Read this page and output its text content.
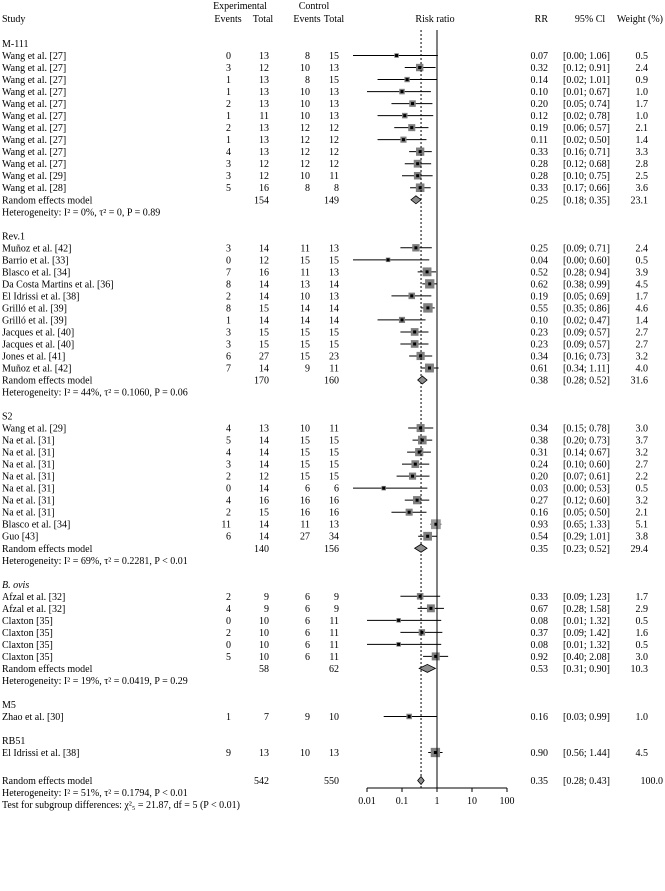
Study
Experimental
Events Total
Control
Events Total	Risk ratio	RR	95% Cl Weight (%)
M-111
Wang et al. [27]	0	13	8 15	0.07 [0.00; 1.06]	0.5
Wang et al. [27]	3	12	10 13	0.32 [0.12; 0.91]	2.4
Wang et al. [27]	1	13	8 15	0.14 [0.02; 1.01]	0.9
Wang et al. [27]	1	13	10 13	0.10 [0.01; 0.67]	1.0
Wang et al. [27]	2	13	10 13	0.20 [0.05; 0.74]	1.7
Wang et al. [27]	1	11	10 13	0.12 [0.02; 0.78]	1.0
Wang et al. [27]	2	13	12 12	0.19 [0.06; 0.57]	2.1
Wang et al. [27]	1	13	12 12	0.11 [0.02; 0.50]	1.4
Wang et al. [27]	4	13	12 12	0.33 [0.16; 0.71]	3.3
Wang et al. [27]	3	12	12 12	0.28 [0.12; 0.68]	2.8
Wang et al. [29]	3	12	10 11	0.28 [0.10; 0.75]	2.5
Wang et al. [28]	5	16	8 8	0.33 [0.17; 0.66]	3.6
Random effects model	154	149	0.25 [0.18; 0.35] 23.1
Heterogeneity: I² = 0%, τ² = 0, P = 0.89
Rev.1
Muñoz et al. [42]	3	14	11 13	0.25 [0.09; 0.71]	2.4
Barrio et al. [33]	0	12	15 15	0.04 [0.00; 0.60]	0.5
Blasco et al. [34]	7	16	11 13	0.52 [0.28; 0.94]	3.9
Da Costa Martins et al. [36]	8	14	13 14	0.62 [0.38; 0.99]	4.5
El Idrissi et al. [38]	2	14	10 13	0.19 [0.05; 0.69]	1.7
Grilló et al. [39]	8	15	14 14	0.55 [0.35; 0.86]	4.6
Grilló et al. [39]	1	14	14 14	0.10 [0.02; 0.47]	1.4
Jacques et al. [40]	3	15	15 15	0.23 [0.09; 0.57]	2.7
Jacques et al. [40]	3	15	15 15	0.23 [0.09; 0.57]	2.7
Jones et al. [41]	6	27	15 23	0.34 [0.16; 0.73]	3.2
Muñoz et al. [42]	7	14	9 11	0.61 [0.34; 1.11]	4.0
Random effects model	170	160	0.38 [0.28; 0.52] 31.6
Heterogeneity: I² = 44%, τ² = 0.1060, P = 0.06
S2
Wang et al. [29]	4	13	10 11	0.34 [0.15; 0.78]	3.0
Na et al. [31]	5	14	15 15	0.38 [0.20; 0.73]	3.7
Na et al. [31]	4	14	15 15	0.31 [0.14; 0.67]	3.2
Na et al. [31]	3	14	15 15	0.24 [0.10; 0.60]	2.7
Na et al. [31]	2	12	15 15	0.20 [0.07; 0.61]	2.2
Na et al. [31]	0	14	6 6	0.03 [0.00; 0.53]	0.5
Na et al. [31]	4	16	16 16	0.27 [0.12; 0.60]	3.2
Na et al. [31]	2	15	16 16	0.16 [0.05; 0.50]	2.1
Blasco et al. [34]	11	14	11 13	0.93 [0.65; 1.33]	5.1
Guo [43]	6	14	27 34	0.54 [0.29; 1.01]	3.8
Random effects model	140	156	0.35 [0.23; 0.52] 29.4
Heterogeneity: I² = 69%, τ² = 0.2281, P < 0.01
B. ovis
Afzal et al. [32]	2	9	6 9	0.33 [0.09; 1.23]	1.7
Afzal et al. [32]	4	9	6 9	0.67 [0.28; 1.58]	2.9
Claxton [35]	0	10	6 11	0.08 [0.01; 1.32]	0.5
Claxton [35]	2	10	6 11	0.37 [0.09; 1.42]	1.6
Claxton [35]	0	10	6 11	0.08 [0.01; 1.32]	0.5
Claxton [35]	5	10	6 11	0.92 [0.40; 2.08]	3.0
Random effects model	58	62	0.53 [0.31; 0.90] 10.3
Heterogeneity: I² = 19%, τ² = 0.0419, P = 0.29
M5
Zhao et al. [30]	1	7	9 10	0.16 [0.03; 0.99]	1.0
RB51
El Idrissi et al. [38]	9	13	10 13	0.90 [0.56; 1.44]	4.5
Random effects model	542	550	0.35 [0.28; 0.43]	100.0
Heterogeneity: I² = 51%, τ² = 0.1794, P < 0.01
Test for subgroup differences: χ²₅ = 21.87, df = 5 (P < 0.01)	0.01 0.1	1	10 100
